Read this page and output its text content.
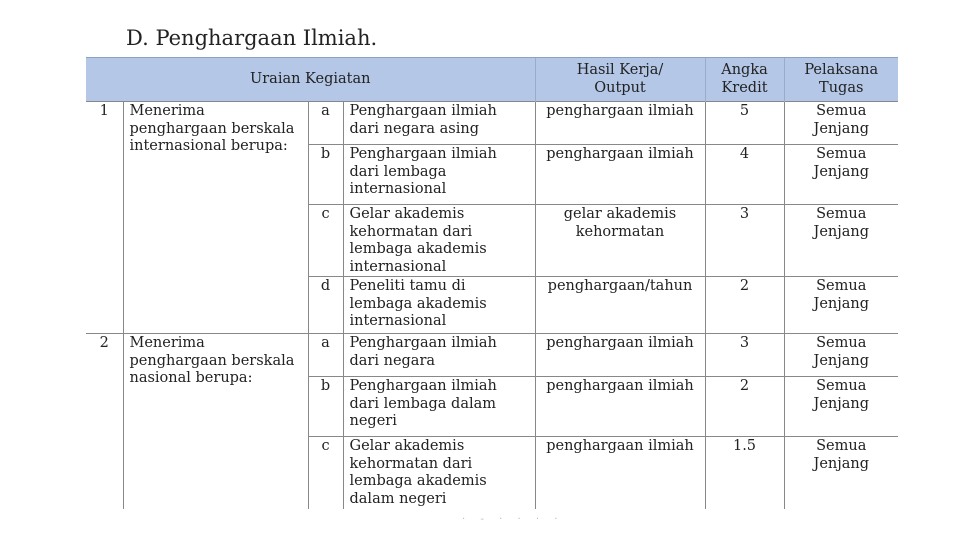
D. Penghargaan Ilmiah.
Uraian Kegiatan				Hasil Kerja/ Output	Angka Kredit	Pelaksana Tugas

1	Menerima penghargaan berskala internasional berupa:	a	Penghargaan ilmiah dari negara asing	penghargaan ilmiah	5	Semua Jenjang

		b	Penghargaan ilmiah dari lembaga internasional	penghargaan ilmiah	4	Semua Jenjang

		c	Gelar akademis kehormatan dari lembaga akademis internasional	gelar akademis kehormatan	3	Semua Jenjang

		d	Peneliti tamu di lembaga akademis internasional	penghargaan/tahun	2	Semua Jenjang

2	Menerima penghargaan berskala nasional berupa:	a	Penghargaan ilmiah dari negara	penghargaan ilmiah	3	Semua Jenjang

		b	Penghargaan ilmiah dari lembaga dalam negeri	penghargaan ilmiah	2	Semua Jenjang

		c	Gelar akademis kehormatan dari lembaga akademis dalam negeri	penghargaan ilmiah	1.5	Semua Jenjang
· - · · · ·
